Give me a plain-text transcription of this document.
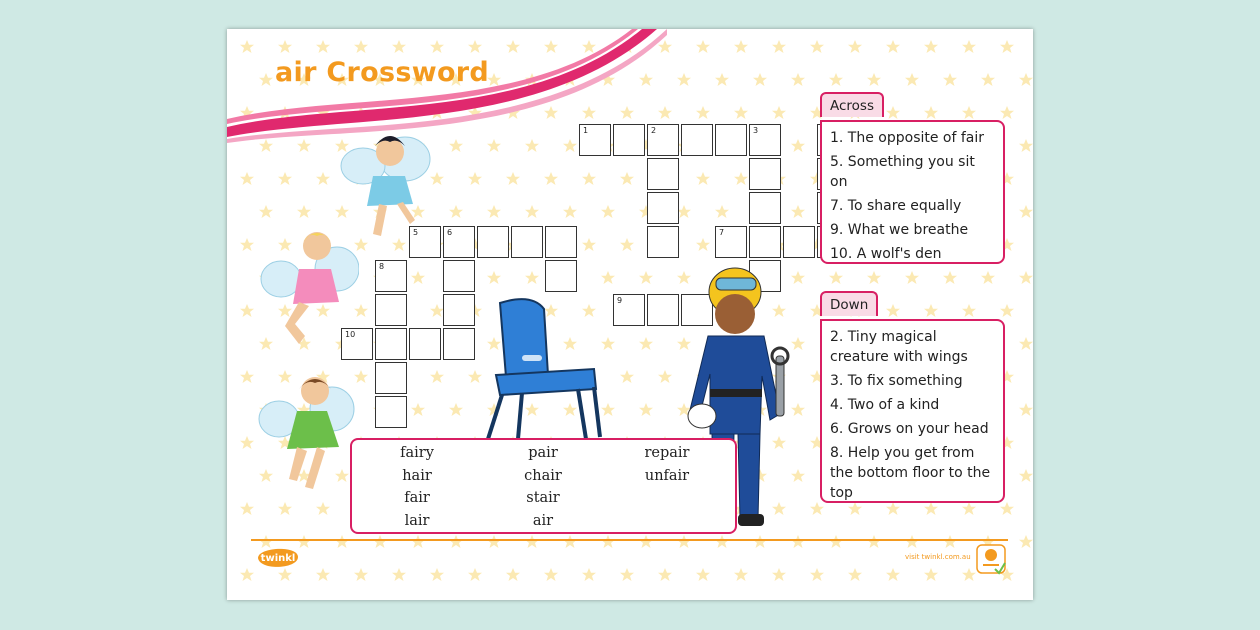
air Crossword
1	2	3
5	6	7
8
9
10
fairy	pair	repair
hair	chair	unfair
fair	stair
lair	air
Across
1. The opposite of fair
5. Something you sit on
7. To share equally
9. What we breathe
10. A wolf's den
Down
2. Tiny magical creature with wings
3. To fix something
4. Two of a kind
6. Grows on your head
8. Help you get from the bottom floor to the top
twinkl	visit twinkl.com.au
